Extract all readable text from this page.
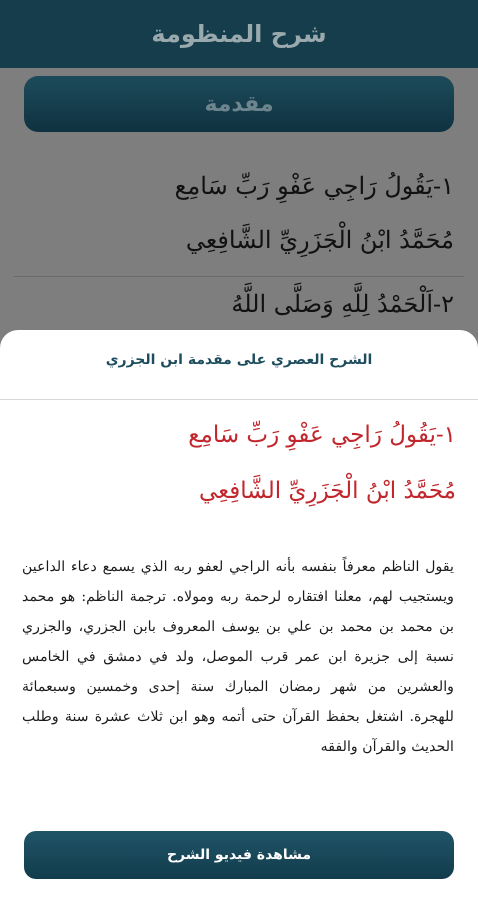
شرح المنظومة
مقدمة
١-يَقُولُ رَاجِي عَفْوِ رَبِّ سَامِع
مُحَمَّدُ ابْنُ الْجَزَرِيِّ الشَّافِعِي
٢-اَلْحَمْدُ لِلَّهِ وَصَلَّى اللَّهُ
الشرح العصري على مقدمة ابن الجزري
١-يَقُولُ رَاجِي عَفْوِ رَبِّ سَامِع
مُحَمَّدُ ابْنُ الْجَزَرِيِّ الشَّافِعِي
يقول الناظم معرفاً بنفسه بأنه الراجي لعفو ربه الذي يسمع دعاء الداعين ويستجيب لهم، معلنا افتقاره لرحمة ربه ومولاه. ترجمة الناظم: هو محمد بن محمد بن محمد بن علي بن يوسف المعروف بابن الجزري، والجزري نسبة إلى جزيرة ابن عمر قرب الموصل، ولد في دمشق في الخامس والعشرين من شهر رمضان المبارك سنة إحدى وخمسين وسبعمائة للهجرة. اشتغل بحفظ القرآن حتى أتمه وهو ابن ثلاث عشرة سنة وطلب الحديث والقرآن والفقه
مشاهدة فيديو الشرح
